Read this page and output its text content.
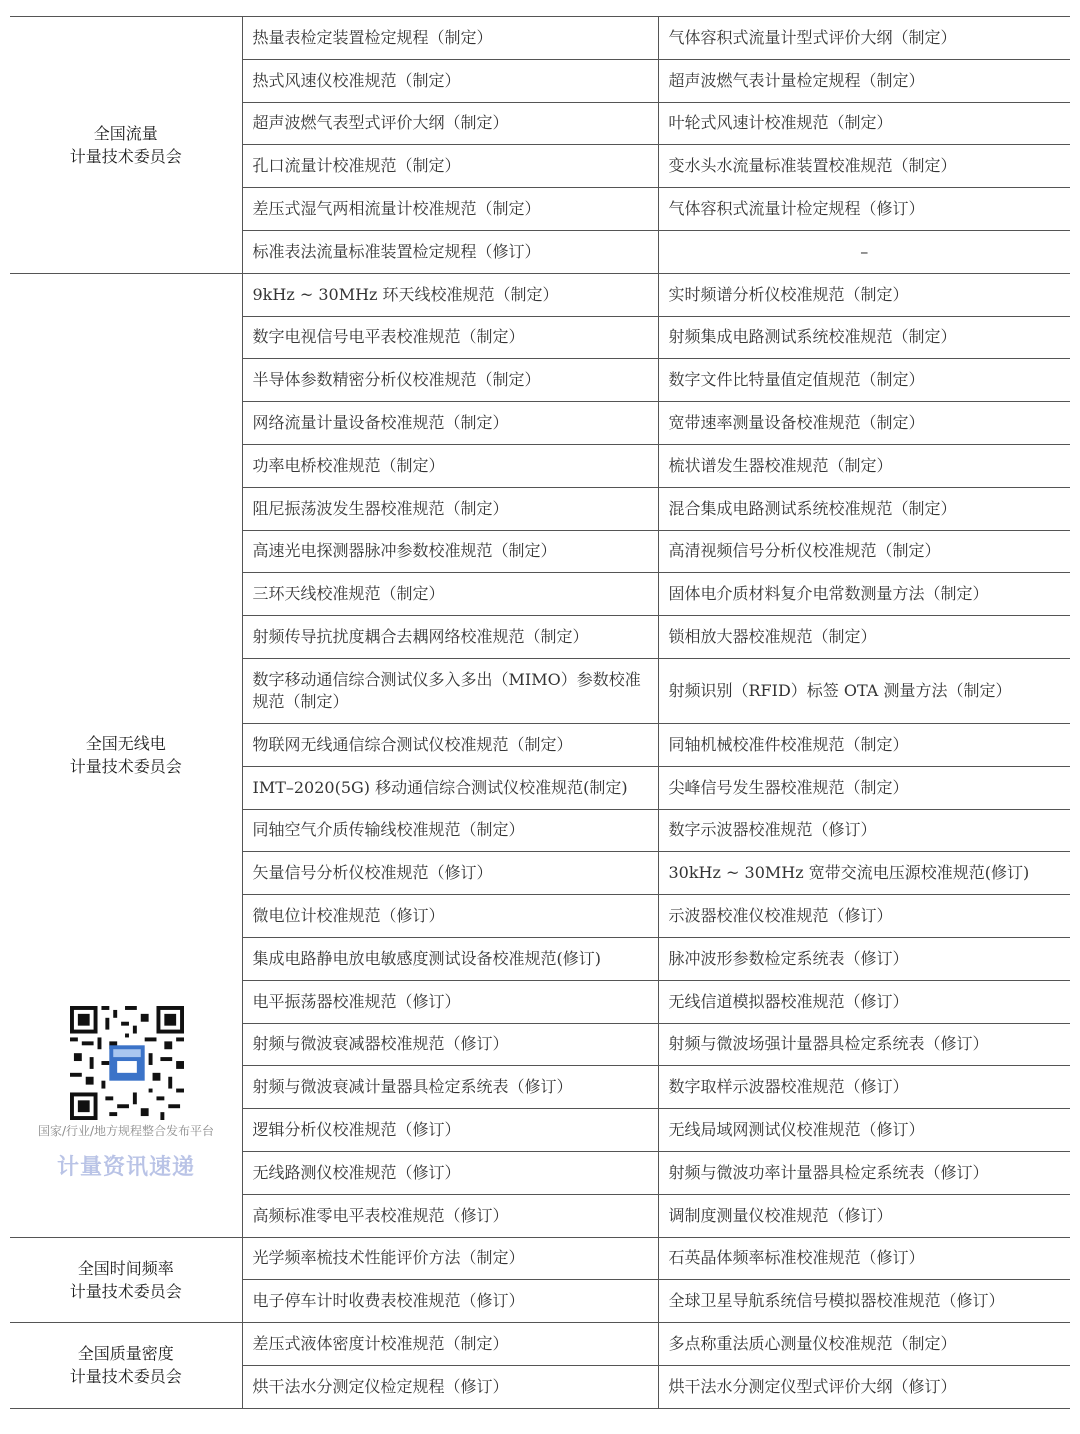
全国流量
计量技术委员会	热量表检定装置检定规程（制定）	气体容积式流量计型式评价大纲（制定）
	热式风速仪校准规范（制定）	超声波燃气表计量检定规程（制定）
	超声波燃气表型式评价大纲（制定）	叶轮式风速计校准规范（制定）
	孔口流量计校准规范（制定）	变水头水流量标准装置校准规范（制定）
	差压式湿气两相流量计校准规范（制定）	气体容积式流量计检定规程（修订）
	标准表法流量标准装置检定规程（修订）	–

全国无线电
计量技术委员会	9kHz ~ 30MHz 环天线校准规范（制定）	实时频谱分析仪校准规范（制定）
	数字电视信号电平表校准规范（制定）	射频集成电路测试系统校准规范（制定）
	半导体参数精密分析仪校准规范（制定）	数字文件比特量值定值规范（制定）
	网络流量计量设备校准规范（制定）	宽带速率测量设备校准规范（制定）
	功率电桥校准规范（制定）	梳状谱发生器校准规范（制定）
	阻尼振荡波发生器校准规范（制定）	混合集成电路测试系统校准规范（制定）
	高速光电探测器脉冲参数校准规范（制定）	高清视频信号分析仪校准规范（制定）
	三环天线校准规范（制定）	固体电介质材料复介电常数测量方法（制定）
	射频传导抗扰度耦合去耦网络校准规范（制定）	锁相放大器校准规范（制定）
	数字移动通信综合测试仪多入多出（MIMO）参数校准规范（制定）	射频识别（RFID）标签 OTA 测量方法（制定）
	物联网无线通信综合测试仪校准规范（制定）	同轴机械校准件校准规范（制定）
	IMT–2020(5G) 移动通信综合测试仪校准规范(制定)	尖峰信号发生器校准规范（制定）
	同轴空气介质传输线校准规范（制定）	数字示波器校准规范（修订）
	矢量信号分析仪校准规范（修订）	30kHz ~ 30MHz 宽带交流电压源校准规范(修订)
	微电位计校准规范（修订）	示波器校准仪校准规范（修订）
	集成电路静电放电敏感度测试设备校准规范(修订)	脉冲波形参数检定系统表（修订）
	电平振荡器校准规范（修订）	无线信道模拟器校准规范（修订）
	射频与微波衰减器校准规范（修订）	射频与微波场强计量器具检定系统表（修订）
	射频与微波衰减计量器具检定系统表（修订）	数字取样示波器校准规范（修订）
	逻辑分析仪校准规范（修订）	无线局域网测试仪校准规范（修订）
	无线路测仪校准规范（修订）	射频与微波功率计量器具检定系统表（修订）
	高频标准零电平表校准规范（修订）	调制度测量仪校准规范（修订）

全国时间频率
计量技术委员会	光学频率梳技术性能评价方法（制定）	石英晶体频率标准校准规范（修订）
	电子停车计时收费表校准规范（修订）	全球卫星导航系统信号模拟器校准规范（修订）

全国质量密度
计量技术委员会	差压式液体密度计校准规范（制定）	多点称重法质心测量仪校准规范（制定）
	烘干法水分测定仪检定规程（修订）	烘干法水分测定仪型式评价大纲（修订）
国家/行业/地方规程整合发布平台
计量资讯速递
